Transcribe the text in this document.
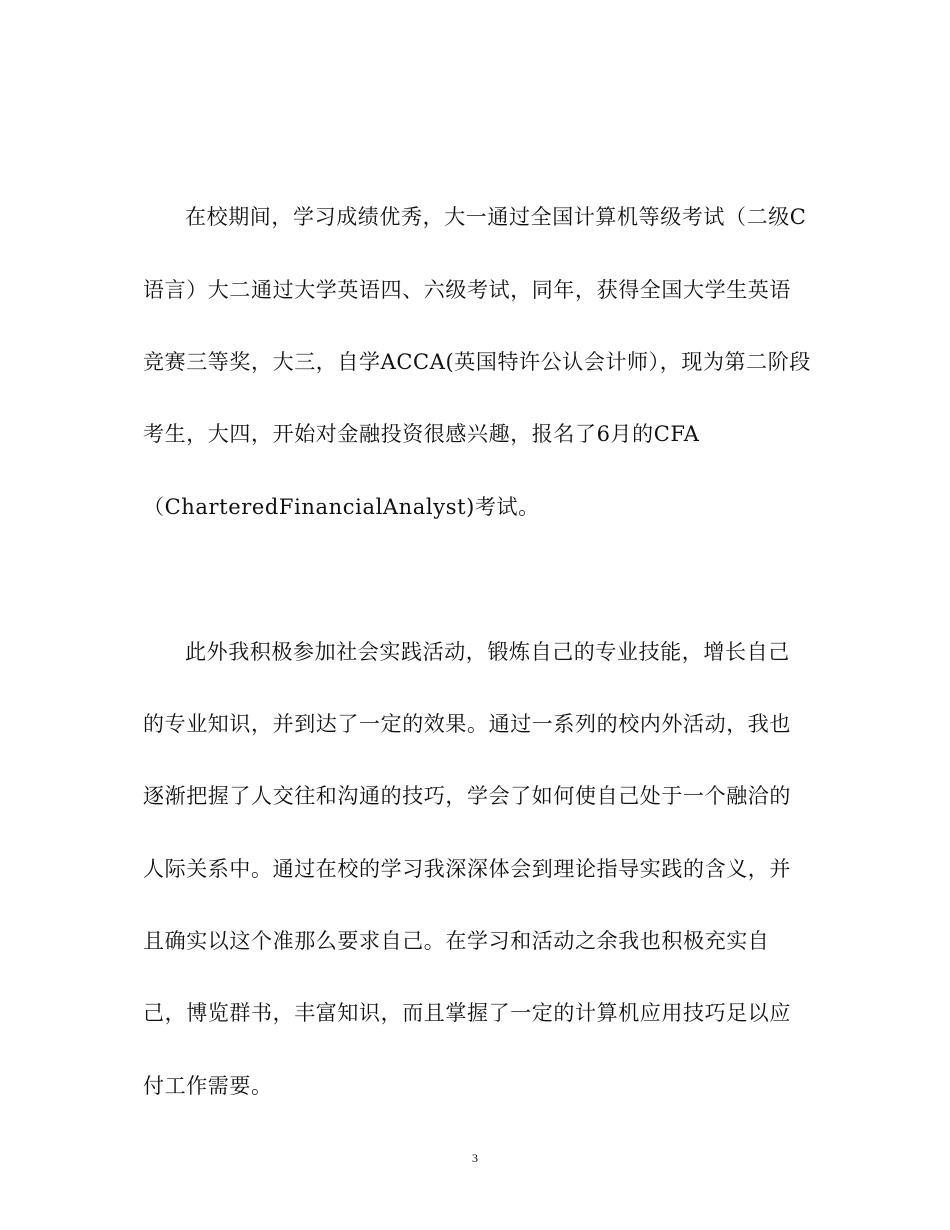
在校期间，学习成绩优秀，大一通过全国计算机等级考试（二级C
语言）大二通过大学英语四、六级考试，同年，获得全国大学生英语
竞赛三等奖，大三，自学ACCA(英国特许公认会计师），现为第二阶段
考生，大四，开始对金融投资很感兴趣，报名了6月的CFA
（CharteredFinancialAnalyst)考试。
此外我积极参加社会实践活动，锻炼自己的专业技能，增长自己
的专业知识，并到达了一定的效果。通过一系列的校内外活动，我也
逐渐把握了人交往和沟通的技巧，学会了如何使自己处于一个融洽的
人际关系中。通过在校的学习我深深体会到理论指导实践的含义，并
且确实以这个准那么要求自己。在学习和活动之余我也积极充实自
己，博览群书，丰富知识，而且掌握了一定的计算机应用技巧足以应
付工作需要。
3
